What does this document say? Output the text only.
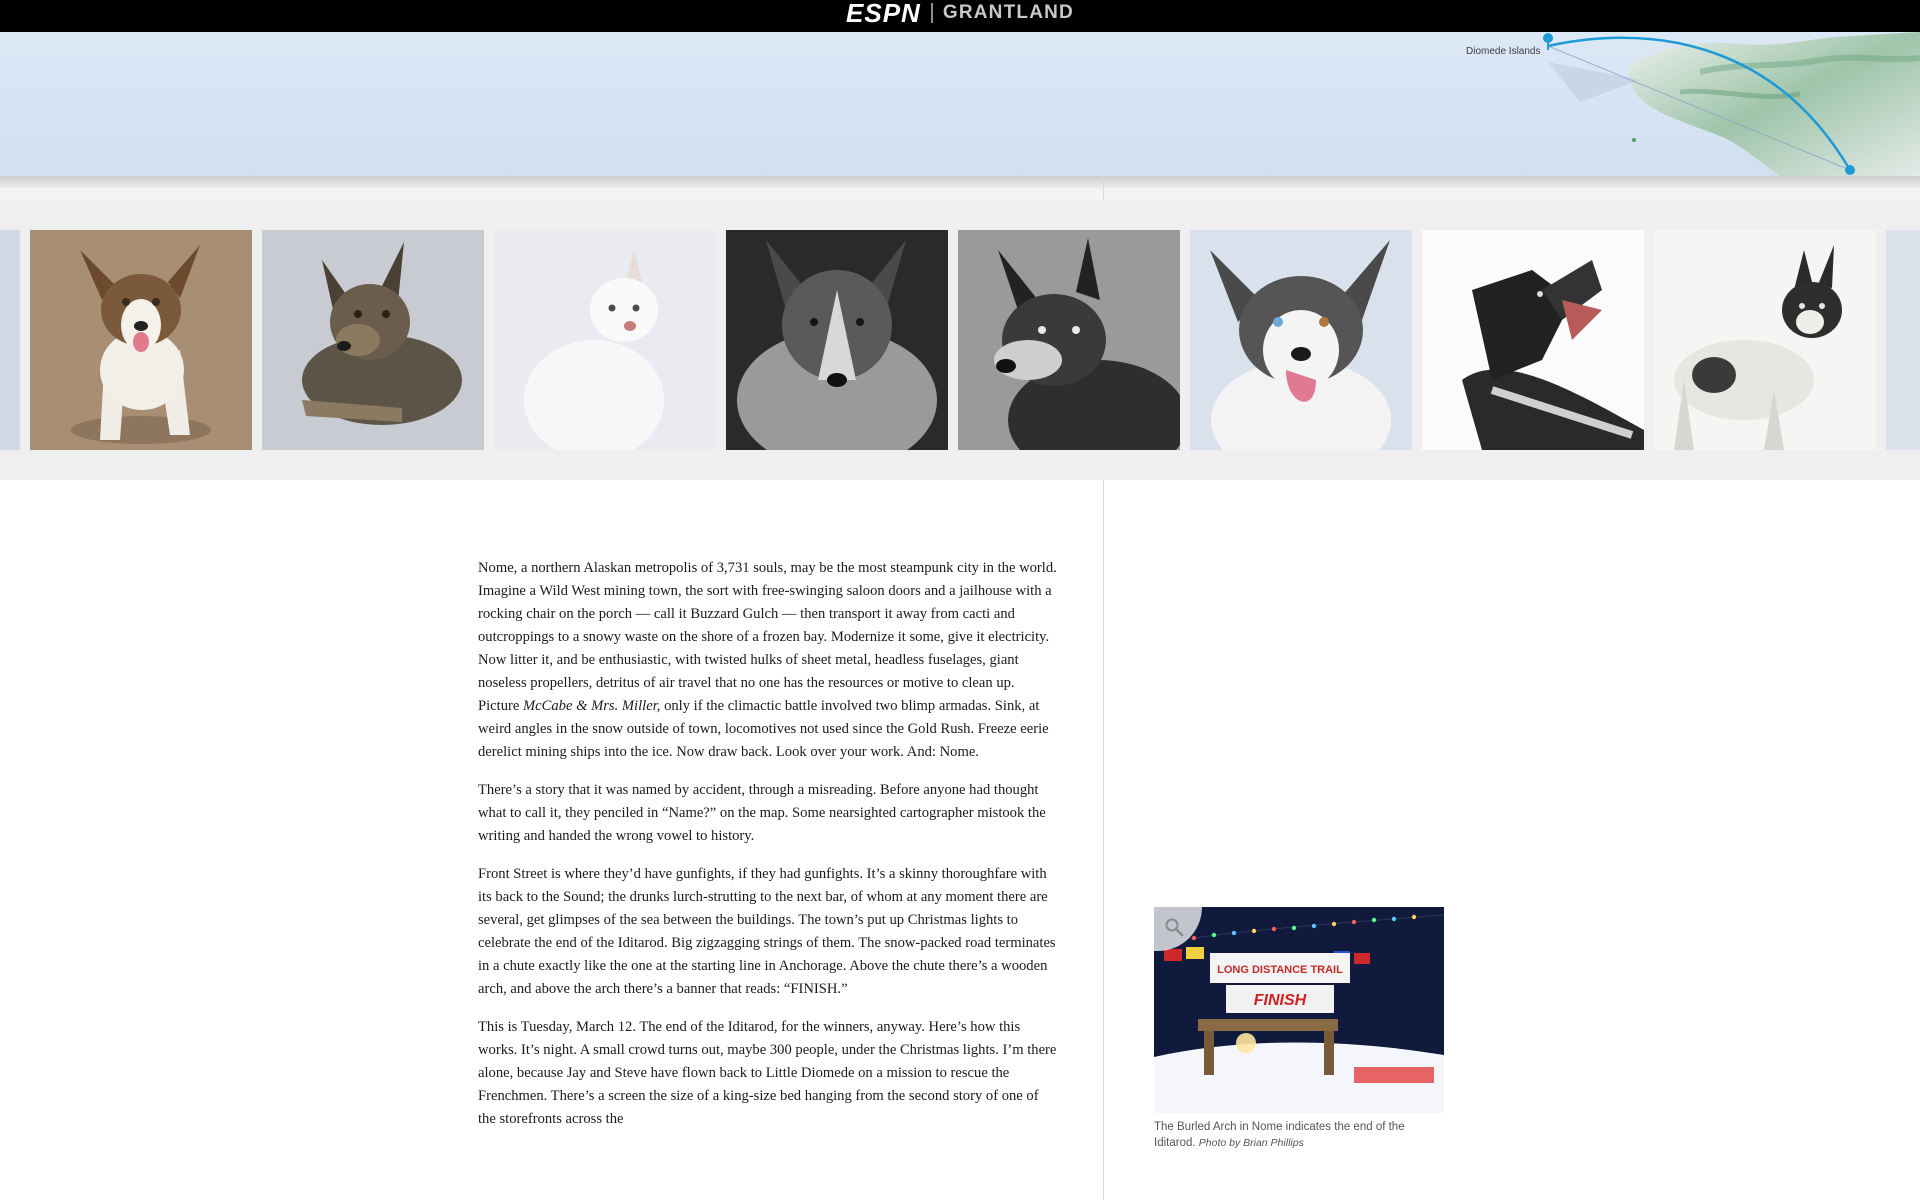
ESPN GRANTLAND
Diomede Islands

Nome, a northern Alaskan metropolis of 3,731 souls, may be the most steampunk city in the world. Imagine a Wild West mining town, the sort with free-swinging saloon doors and a jailhouse with a rocking chair on the porch — call it Buzzard Gulch — then transport it away from cacti and outcroppings to a snowy waste on the shore of a frozen bay. Modernize it some, give it electricity. Now litter it, and be enthusiastic, with twisted hulks of sheet metal, headless fuselages, giant noseless propellers, detritus of air travel that no one has the resources or motive to clean up. Picture McCabe & Mrs. Miller, only if the climactic battle involved two blimp armadas. Sink, at weird angles in the snow outside of town, locomotives not used since the Gold Rush. Freeze eerie derelict mining ships into the ice. Now draw back. Look over your work. And: Nome.

There’s a story that it was named by accident, through a misreading. Before anyone had thought what to call it, they penciled in “Name?” on the map. Some nearsighted cartographer mistook the writing and handed the wrong vowel to history.

Front Street is where they’d have gunfights, if they had gunfights. It’s a skinny thoroughfare with its back to the Sound; the drunks lurch-strutting to the next bar, of whom at any moment there are several, get glimpses of the sea between the buildings. The town’s put up Christmas lights to celebrate the end of the Iditarod. Big zigzagging strings of them. The snow-packed road terminates in a chute exactly like the one at the starting line in Anchorage. Above the chute there’s a wooden arch, and above the arch there’s a banner that reads: “FINISH.”

This is Tuesday, March 12. The end of the Iditarod, for the winners, anyway. Here’s how this works. It’s night. A small crowd turns out, maybe 300 people, under the Christmas lights. I’m there alone, because Jay and Steve have flown back to Little Diomede on a mission to rescue the Frenchmen. There’s a screen the size of a king-size bed hanging from the second story of one of the storefronts across the

LONG DISTANCE TRAIL
FINISH
The Burled Arch in Nome indicates the end of the Iditarod. Photo by Brian Phillips
